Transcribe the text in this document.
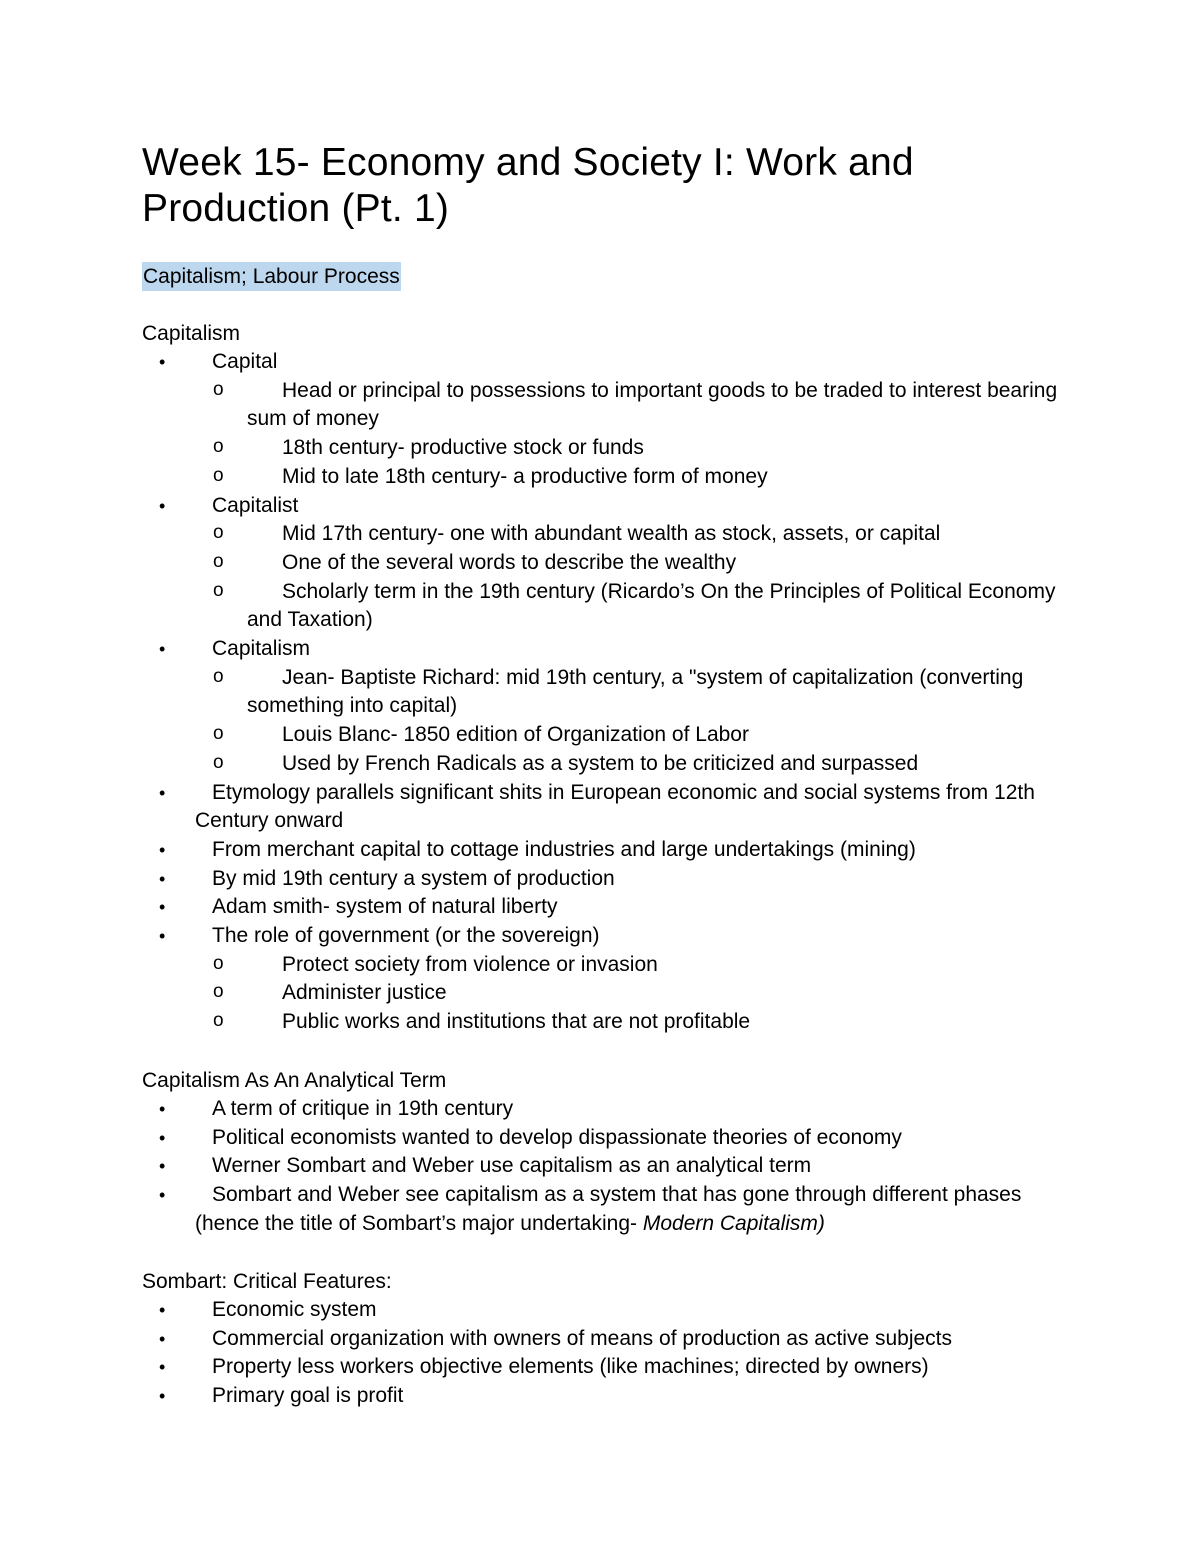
Week 15- Economy and Society I: Work and Production (Pt. 1)
Capitalism; Labour Process
Capitalism
• Capital
o	Head or principal to possessions to important goods to be traded to interest bearing sum of money
o	18th century- productive stock or funds
o	Mid to late 18th century- a productive form of money
• Capitalist
o	Mid 17th century- one with abundant wealth as stock, assets, or capital
o	One of the several words to describe the wealthy
o	Scholarly term in the 19th century (Ricardo’s On the Principles of Political Economy and Taxation)
• Capitalism
o	Jean- Baptiste Richard: mid 19th century, a "system of capitalization (converting something into capital)
o	Louis Blanc- 1850 edition of Organization of Labor
o	Used by French Radicals as a system to be criticized and surpassed
• Etymology parallels significant shits in European economic and social systems from 12th Century onward
• From merchant capital to cottage industries and large undertakings (mining)
• By mid 19th century a system of production
• Adam smith- system of natural liberty
• The role of government (or the sovereign)
o	Protect society from violence or invasion
o	Administer justice
o	Public works and institutions that are not profitable
Capitalism As An Analytical Term
• A term of critique in 19th century
• Political economists wanted to develop dispassionate theories of economy
• Werner Sombart and Weber use capitalism as an analytical term
• Sombart and Weber see capitalism as a system that has gone through different phases (hence the title of Sombart’s major undertaking- Modern Capitalism)
Sombart: Critical Features:
• Economic system
• Commercial organization with owners of means of production as active subjects
• Property less workers objective elements (like machines; directed by owners)
• Primary goal is profit
